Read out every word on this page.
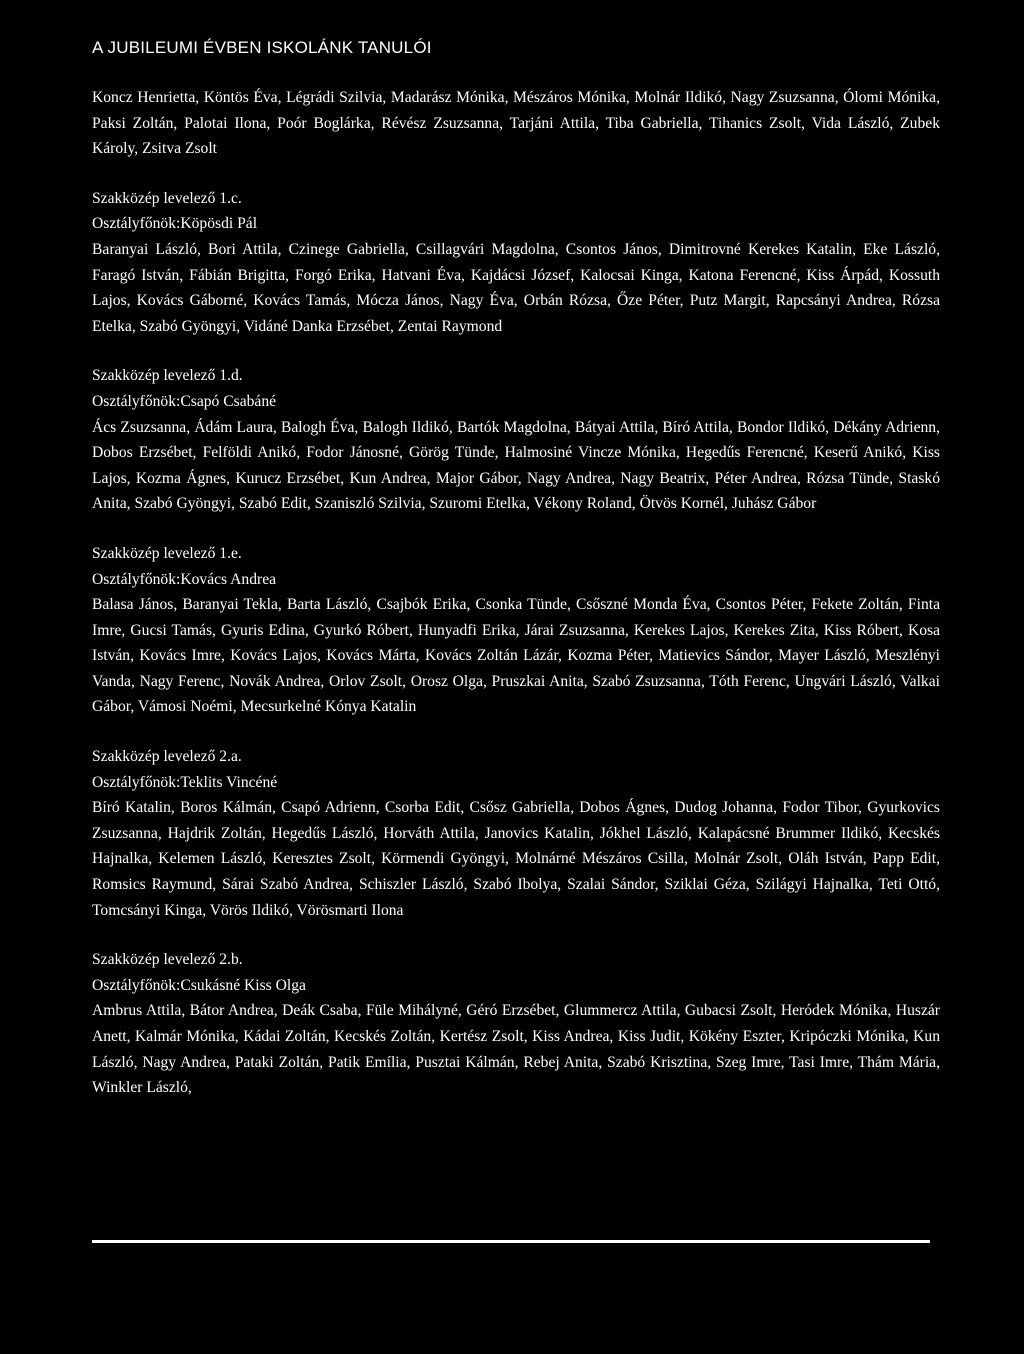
A JUBILEUMI ÉVBEN ISKOLÁNK TANULÓI

Koncz Henrietta, Köntös Éva, Légrádi Szilvia, Madarász Mónika, Mészáros Mónika, Molnár Ildikó, Nagy Zsuzsanna, Ólomi Mónika, Paksi Zoltán, Palotai Ilona, Poór Boglárka, Révész Zsuzsanna, Tarjáni Attila, Tiba Gabriella, Tihanics Zsolt, Vida László, Zubek Károly, Zsitva Zsolt

Szakközép levelező 1.c.

Osztályfőnök:Köpösdi Pál

Baranyai László, Bori Attila, Czinege Gabriella, Csillagvári Magdolna, Csontos János, Dimitrovné Kerekes Katalin, Eke László, Faragó István, Fábián Brigitta, Forgó Erika, Hatvani Éva, Kajdácsi József, Kalocsai Kinga, Katona Ferencné, Kiss Árpád, Kossuth Lajos, Kovács Gáborné, Kovács Tamás, Mócza János, Nagy Éva, Orbán Rózsa, Őze Péter, Putz Margit, Rapcsányi Andrea, Rózsa Etelka, Szabó Gyöngyi, Vidáné Danka Erzsébet, Zentai Raymond

Szakközép levelező 1.d.

Osztályfőnök:Csapó Csabáné

Ács Zsuzsanna, Ádám Laura, Balogh Éva, Balogh Ildikó, Bartók Magdolna, Bátyai Attila, Bíró Attila, Bondor Ildikó, Dékány Adrienn, Dobos Erzsébet, Felföldi Anikó, Fodor Jánosné, Görög Tünde, Halmosiné Vincze Mónika, Hegedűs Ferencné, Keserű Anikó, Kiss Lajos, Kozma Ágnes, Kurucz Erzsébet, Kun Andrea, Major Gábor, Nagy Andrea, Nagy Beatrix, Péter Andrea, Rózsa Tünde, Staskó Anita, Szabó Gyöngyi, Szabó Edit, Szaniszló Szilvia, Szuromi Etelka, Vékony Roland, Ötvös Kornél, Juhász Gábor

Szakközép levelező 1.e.

Osztályfőnök:Kovács Andrea

Balasa János, Baranyai Tekla, Barta László, Csajbók Erika, Csonka Tünde, Csőszné Monda Éva, Csontos Péter, Fekete Zoltán, Finta Imre, Gucsi Tamás, Gyuris Edina, Gyurkó Róbert, Hunyadfi Erika, Járai Zsuzsanna, Kerekes Lajos, Kerekes Zita, Kiss Róbert, Kosa István, Kovács Imre, Kovács Lajos, Kovács Márta, Kovács Zoltán Lázár, Kozma Péter, Matievics Sándor, Mayer László, Meszlényi Vanda, Nagy Ferenc, Novák Andrea, Orlov Zsolt, Orosz Olga, Pruszkai Anita, Szabó Zsuzsanna, Tóth Ferenc, Ungvári László, Valkai Gábor, Vámosi Noémi, Mecsurkelné Kónya Katalin

Szakközép levelező 2.a.

Osztályfőnök:Teklits Vincéné

Bíró Katalin, Boros Kálmán, Csapó Adrienn, Csorba Edit, Csősz Gabriella, Dobos Ágnes, Dudog Johanna, Fodor Tibor, Gyurkovics Zsuzsanna, Hajdrik Zoltán, Hegedűs László, Horváth Attila, Janovics Katalin, Jókhel László, Kalapácsné Brummer Ildikó, Kecskés Hajnalka, Kelemen László, Keresztes Zsolt, Körmendi Gyöngyi, Molnárné Mészáros Csilla, Molnár Zsolt, Oláh István, Papp Edit, Romsics Raymund, Sárai Szabó Andrea, Schiszler László, Szabó Ibolya, Szalai Sándor, Sziklai Géza, Szilágyi Hajnalka, Teti Ottó, Tomcsányi Kinga, Vörös Ildikó, Vörösmarti Ilona

Szakközép levelező 2.b.

Osztályfőnök:Csukásné Kiss Olga

Ambrus Attila, Bátor Andrea, Deák Csaba, Füle Mihályné, Géró Erzsébet, Glummercz Attila, Gubacsi Zsolt, Heródek Mónika, Huszár Anett, Kalmár Mónika, Kádai Zoltán, Kecskés Zoltán, Kertész Zsolt, Kiss Andrea, Kiss Judit, Kökény Eszter, Kripóczki Mónika, Kun László, Nagy Andrea, Pataki Zoltán, Patik Emília, Pusztai Kálmán, Rebej Anita, Szabó Krisztina, Szeg Imre, Tasi Imre, Thám Mária, Winkler László,
